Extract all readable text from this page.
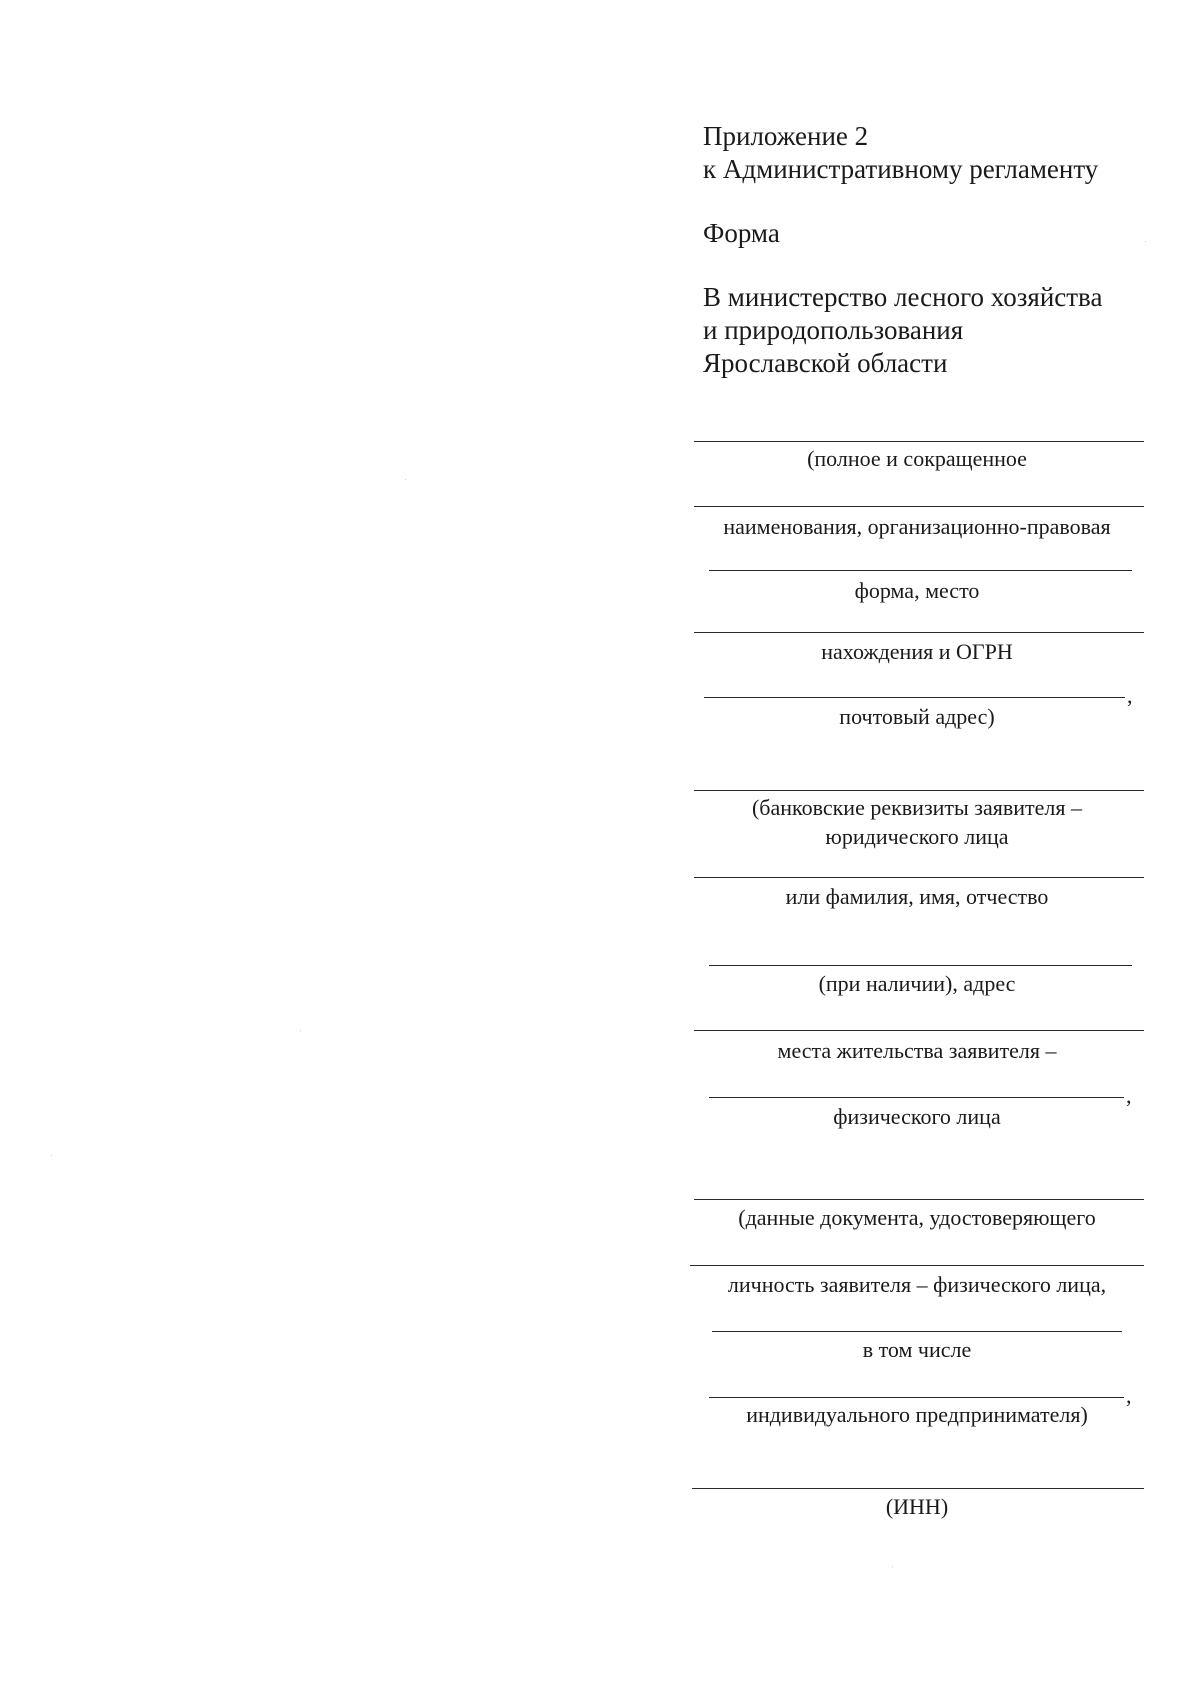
Приложение 2
к Административному регламенту
Форма
В министерство лесного хозяйства
и природопользования
Ярославской области
(полное и сокращенное
наименования, организационно-правовая
форма, место
нахождения и ОГРН
,
почтовый адрес)
(банковские реквизиты заявителя –
юридического лица
или фамилия, имя, отчество
(при наличии), адрес
места жительства заявителя –
,
физического лица
(данные документа, удостоверяющего
личность заявителя – физического лица,
в том числе
,
индивидуального предпринимателя)
(ИНН)
